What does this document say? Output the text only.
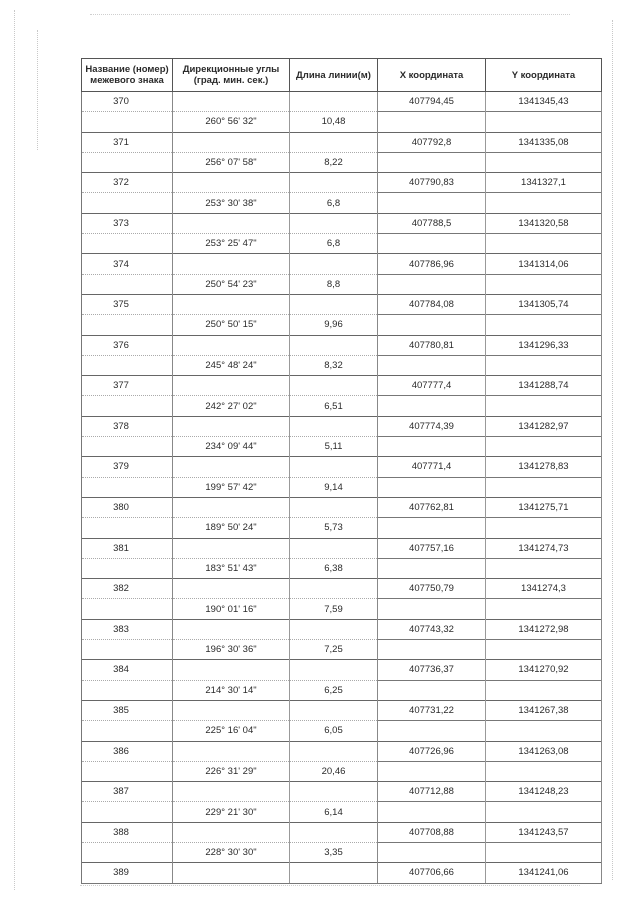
Название (номер)
межевого знака	Дирекционные углы
(град. мин. сек.)	Длина линии(м)	X координата	Y координата
370			407794,45	1341345,43
	260° 56' 32"	10,48		
371			407792,8	1341335,08
	256° 07' 58"	8,22		
372			407790,83	1341327,1
	253° 30' 38"	6,8		
373			407788,5	1341320,58
	253° 25' 47"	6,8		
374			407786,96	1341314,06
	250° 54' 23"	8,8		
375			407784,08	1341305,74
	250° 50' 15"	9,96		
376			407780,81	1341296,33
	245° 48' 24"	8,32		
377			407777,4	1341288,74
	242° 27' 02"	6,51		
378			407774,39	1341282,97
	234° 09' 44"	5,11		
379			407771,4	1341278,83
	199° 57' 42"	9,14		
380			407762,81	1341275,71
	189° 50' 24"	5,73		
381			407757,16	1341274,73
	183° 51' 43"	6,38		
382			407750,79	1341274,3
	190° 01' 16"	7,59		
383			407743,32	1341272,98
	196° 30' 36"	7,25		
384			407736,37	1341270,92
	214° 30' 14"	6,25		
385			407731,22	1341267,38
	225° 16' 04"	6,05		
386			407726,96	1341263,08
	226° 31' 29"	20,46		
387			407712,88	1341248,23
	229° 21' 30"	6,14		
388			407708,88	1341243,57
	228° 30' 30"	3,35		
389			407706,66	1341241,06
